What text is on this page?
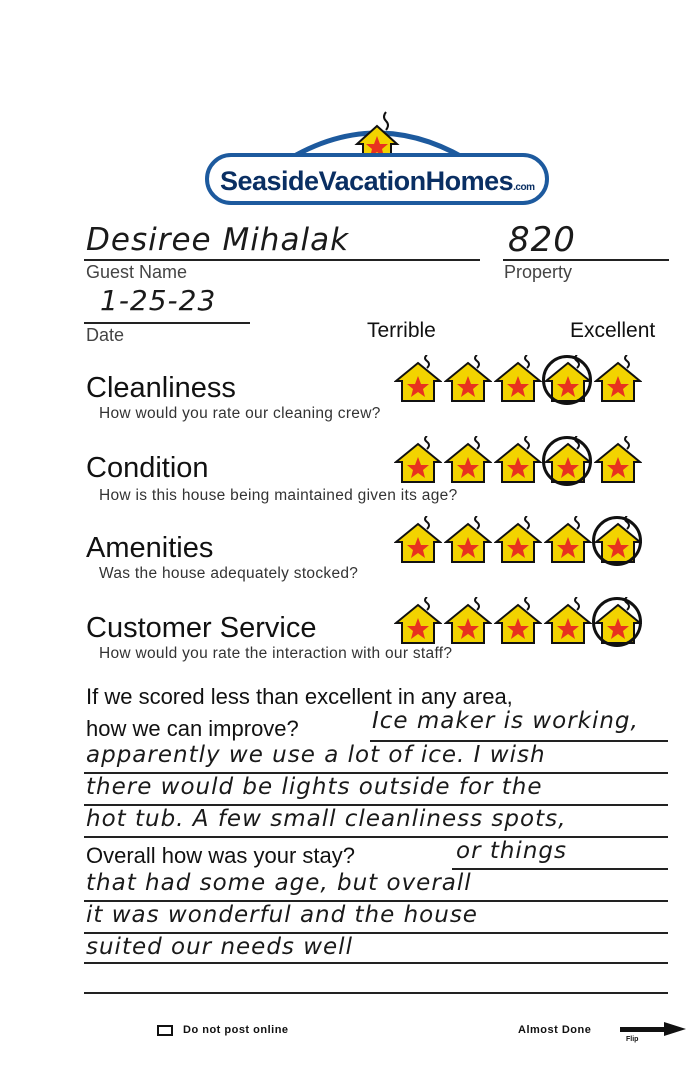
SeasideVacationHomes.com
Desiree Mihalak
Guest Name
820
Property
1-25-23
Date	Terrible	Excellent
Cleanliness
How would you rate our cleaning crew?
Condition
How is this house being maintained given its age?
Amenities
Was the house adequately stocked?
Customer Service
How would you rate the interaction with our staff?
If we scored less than excellent in any area,
how we can improve?	Ice maker is working,
apparently we use a lot of ice. I wish
there would be lights outside for the
hot tub. A few small cleanliness spots,
Overall how was your stay?	or things
that had some age, but overall
it was wonderful and the house
suited our needs well
Do not post online	Almost Done
Flip
